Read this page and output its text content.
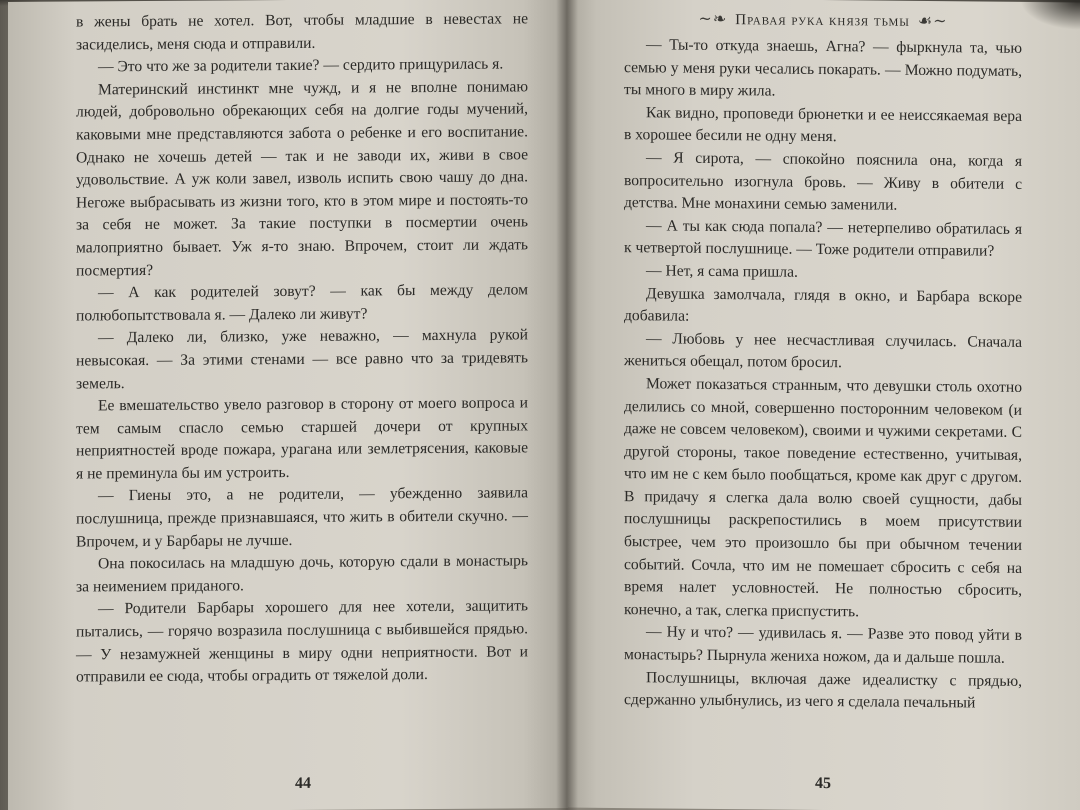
в жены брать не хотел. Вот, чтобы младшие в невестах не засиделись, меня сюда и отправили.

— Это что же за родители такие? — сердито прищурилась я.

Материнский инстинкт мне чужд, и я не вполне понимаю людей, добровольно обрекающих себя на долгие годы мучений, каковыми мне представляются забота о ребенке и его воспитание. Однако не хочешь детей — так и не заводи их, живи в свое удовольствие. А уж коли завел, изволь испить свою чашу до дна. Негоже выбрасывать из жизни того, кто в этом мире и постоять-то за себя не может. За такие поступки в посмертии очень малоприятно бывает. Уж я-то знаю. Впрочем, стоит ли ждать посмертия?

— А как родителей зовут? — как бы между делом полюбопытствовала я. — Далеко ли живут?

— Далеко ли, близко, уже неважно, — махнула рукой невысокая. — За этими стенами — все равно что за тридевять земель.

Ее вмешательство увело разговор в сторону от моего вопроса и тем самым спасло семью старшей дочери от крупных неприятностей вроде пожара, урагана или землетрясения, каковые я не преминула бы им устроить.

— Гиены это, а не родители, — убежденно заявила послушница, прежде признавшаяся, что жить в обители скучно. — Впрочем, и у Барбары не лучше.

Она покосилась на младшую дочь, которую сдали в монастырь за неимением приданого.

— Родители Барбары хорошего для нее хотели, защитить пытались, — горячо возразила послушница с выбившейся прядью. — У незамужней женщины в миру одни неприятности. Вот и отправили ее сюда, чтобы оградить от тяжелой доли.

44
∼❧ Правая рука князя тьмы ☙∼

— Ты-то откуда знаешь, Агна? — фыркнула та, чью семью у меня руки чесались покарать. — Можно подумать, ты много в миру жила.

Как видно, проповеди брюнетки и ее неиссякаемая вера в хорошее бесили не одну меня.

— Я сирота, — спокойно пояснила она, когда я вопросительно изогнула бровь. — Живу в обители с детства. Мне монахини семью заменили.

— А ты как сюда попала? — нетерпеливо обратилась я к четвертой послушнице. — Тоже родители отправили?

— Нет, я сама пришла.

Девушка замолчала, глядя в окно, и Барбара вскоре добавила:

— Любовь у нее несчастливая случилась. Сначала жениться обещал, потом бросил.

Может показаться странным, что девушки столь охотно делились со мной, совершенно посторонним человеком (и даже не совсем человеком), своими и чужими секретами. С другой стороны, такое поведение естественно, учитывая, что им не с кем было пообщаться, кроме как друг с другом. В придачу я слегка дала волю своей сущности, дабы послушницы раскрепостились в моем присутствии быстрее, чем это произошло бы при обычном течении событий. Сочла, что им не помешает сбросить с себя на время налет условностей. Не полностью сбросить, конечно, а так, слегка приспустить.

— Ну и что? — удивилась я. — Разве это повод уйти в монастырь? Пырнула жениха ножом, да и дальше пошла.

Послушницы, включая даже идеалистку с прядью, сдержанно улыбнулись, из чего я сделала печальный

45
